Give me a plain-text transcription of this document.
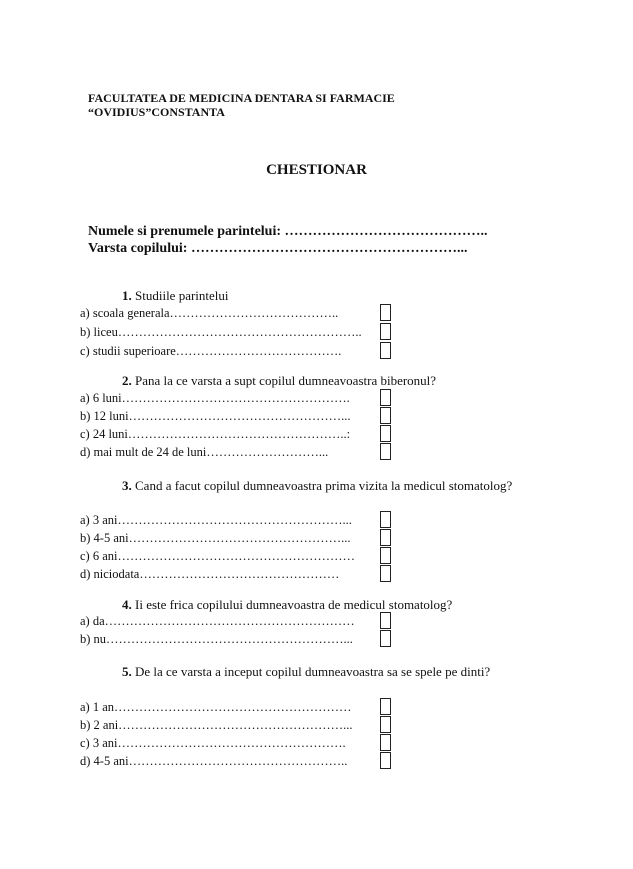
FACULTATEA DE MEDICINA DENTARA SI FARMACIE
“OVIDIUS”CONSTANTA
CHESTIONAR
Numele si prenumele parintelui: ……………………………………..
Varsta copilului: …………………………………………………...
1. Studiile parintelui
a) scoala generala…………………………………..
b) liceu…………………………………………………..
c) studii superioare………………………………….
2. Pana la ce varsta a supt copilul dumneavoastra biberonul?
a) 6 luni……………………………………………….
b) 12 luni……………………………………………...
c) 24 luni……………………………………………..:
d) mai mult de 24 de luni………………………...
3. Cand a facut copilul dumneavoastra prima vizita la medicul stomatolog?
a) 3 ani………………………………………………...
b) 4-5 ani……………………………………………...
c) 6 ani…………………………………………………
d) niciodata…………………………………………
4. Ii este frica copilului dumneavoastra de medicul stomatolog?
a) da……………………………………………………
b) nu…………………………………………………...
5. De la ce varsta a inceput copilul dumneavoastra sa se spele pe dinti?
a) 1 an…………………………………………………
b) 2 ani………………………………………………...
c) 3 ani……………………………………………….
d) 4-5 ani……………………………………………..
